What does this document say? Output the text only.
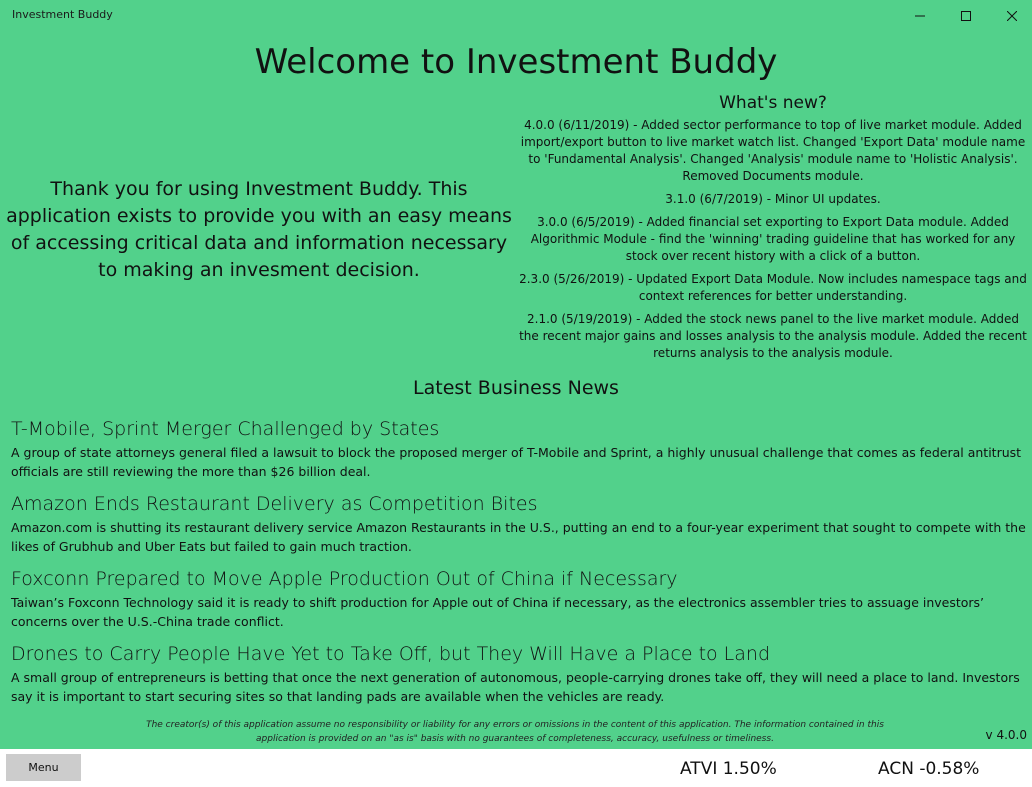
Investment Buddy
Welcome to Investment Buddy
Thank you for using Investment Buddy. This application exists to provide you with an easy means of accessing critical data and information necessary to making an invesment decision.
What's new?

4.0.0 (6/11/2019) - Added sector performance to top of live market module. Added import/export button to live market watch list. Changed 'Export Data' module name to 'Fundamental Analysis'. Changed 'Analysis' module name to 'Holistic Analysis'. Removed Documents module.

3.1.0 (6/7/2019) - Minor UI updates.

3.0.0 (6/5/2019) - Added financial set exporting to Export Data module. Added Algorithmic Module - find the 'winning' trading guideline that has worked for any stock over recent history with a click of a button.

2.3.0 (5/26/2019) - Updated Export Data Module. Now includes namespace tags and context references for better understanding.

2.1.0 (5/19/2019) - Added the stock news panel to the live market module. Added the recent major gains and losses analysis to the analysis module. Added the recent returns analysis to the analysis module.

Latest Business News
T-Mobile, Sprint Merger Challenged by States
A group of state attorneys general filed a lawsuit to block the proposed merger of T-Mobile and Sprint, a highly unusual challenge that comes as federal antitrust officials are still reviewing the more than $26 billion deal.
Amazon Ends Restaurant Delivery as Competition Bites
Amazon.com is shutting its restaurant delivery service Amazon Restaurants in the U.S., putting an end to a four-year experiment that sought to compete with the likes of Grubhub and Uber Eats but failed to gain much traction.
Foxconn Prepared to Move Apple Production Out of China if Necessary
Taiwan’s Foxconn Technology said it is ready to shift production for Apple out of China if necessary, as the electronics assembler tries to assuage investors’ concerns over the U.S.-China trade conflict.
Drones to Carry People Have Yet to Take Off, but They Will Have a Place to Land
A small group of entrepreneurs is betting that once the next generation of autonomous, people-carrying drones take off, they will need a place to land. Investors say it is important to start securing sites so that landing pads are available when the vehicles are ready.
The creator(s) of this application assume no responsibility or liability for any errors or omissions in the content of this application. The information contained in this application is provided on an "as is" basis with no guarantees of completeness, accuracy, usefulness or timeliness.	v 4.0.0
Menu	ATVI 1.50%	ACN -0.58%
